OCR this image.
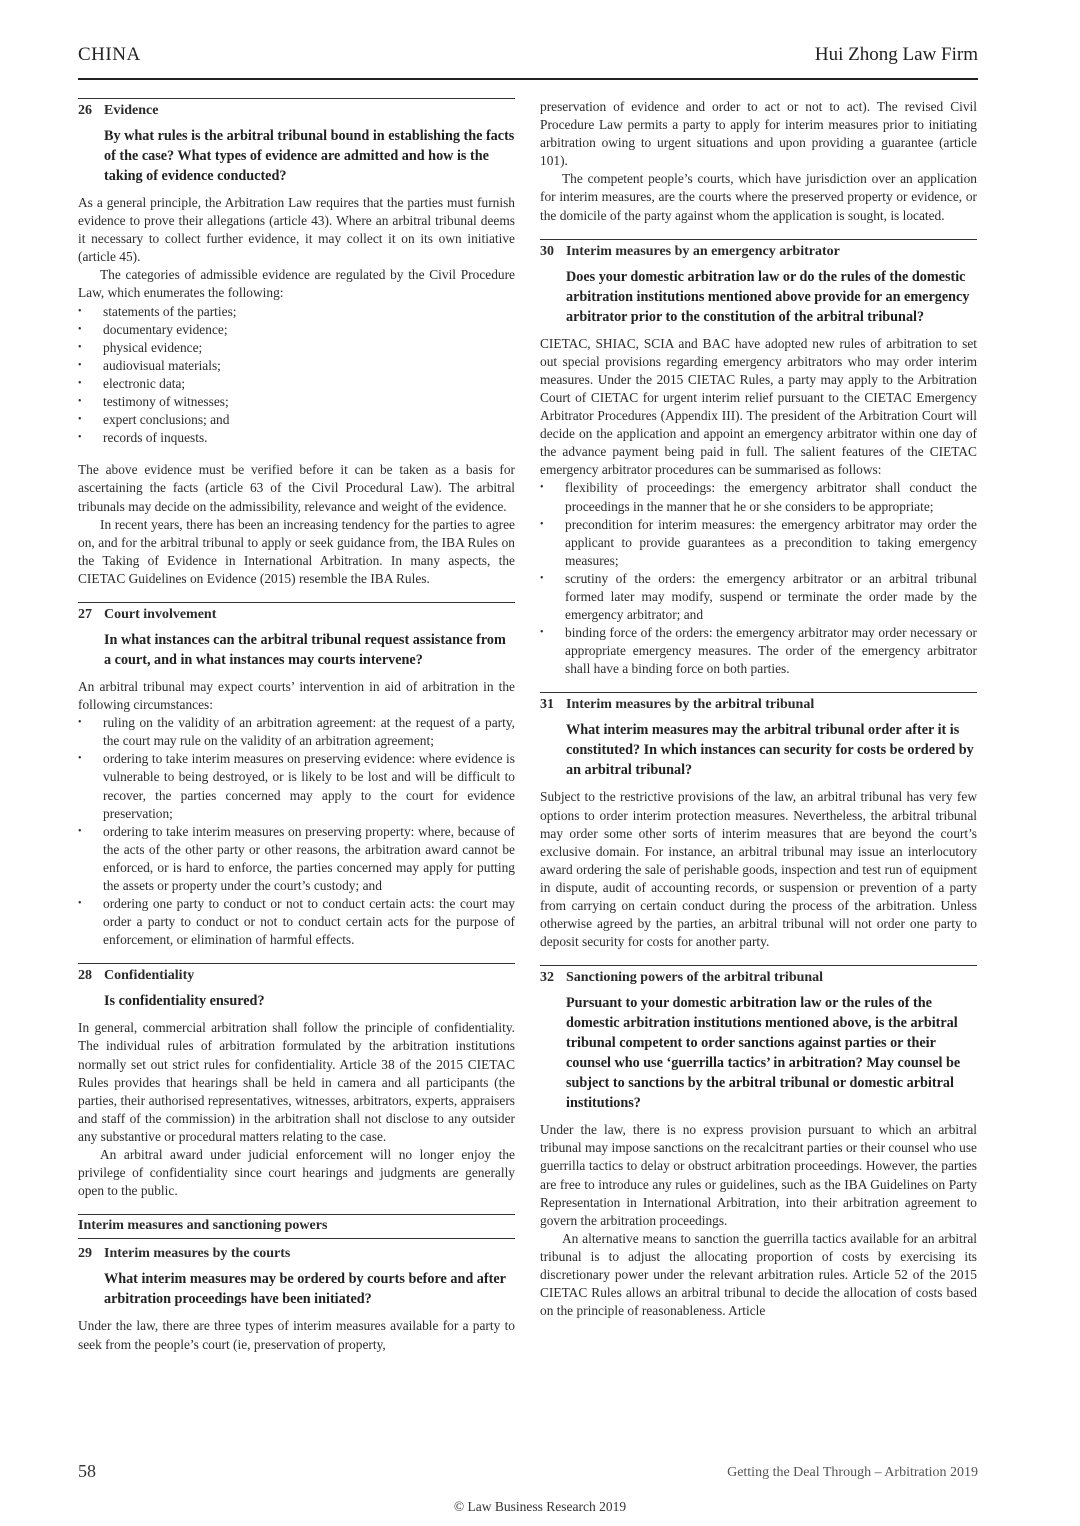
CHINA	Hui Zhong Law Firm
26 Evidence
By what rules is the arbitral tribunal bound in establishing the facts of the case? What types of evidence are admitted and how is the taking of evidence conducted?

As a general principle, the Arbitration Law requires that the parties must furnish evidence to prove their allegations (article 43). Where an arbitral tribunal deems it necessary to collect further evidence, it may collect it on its own initiative (article 45).

The categories of admissible evidence are regulated by the Civil Procedure Law, which enumerates the following:

• statements of the parties;
• documentary evidence;
• physical evidence;
• audiovisual materials;
• electronic data;
• testimony of witnesses;
• expert conclusions; and
• records of inquests.

The above evidence must be verified before it can be taken as a basis for ascertaining the facts (article 63 of the Civil Procedural Law). The arbitral tribunals may decide on the admissibility, relevance and weight of the evidence.

In recent years, there has been an increasing tendency for the parties to agree on, and for the arbitral tribunal to apply or seek guidance from, the IBA Rules on the Taking of Evidence in International Arbitration. In many aspects, the CIETAC Guidelines on Evidence (2015) resemble the IBA Rules.

27 Court involvement
In what instances can the arbitral tribunal request assistance from a court, and in what instances may courts intervene?

An arbitral tribunal may expect courts’ intervention in aid of arbitration in the following circumstances:

• ruling on the validity of an arbitration agreement: at the request of a party, the court may rule on the validity of an arbitration agreement;
• ordering to take interim measures on preserving evidence: where evidence is vulnerable to being destroyed, or is likely to be lost and will be difficult to recover, the parties concerned may apply to the court for evidence preservation;
• ordering to take interim measures on preserving property: where, because of the acts of the other party or other reasons, the arbitration award cannot be enforced, or is hard to enforce, the parties concerned may apply for putting the assets or property under the court’s custody; and
• ordering one party to conduct or not to conduct certain acts: the court may order a party to conduct or not to conduct certain acts for the purpose of enforcement, or elimination of harmful effects.
28 Confidentiality
Is confidentiality ensured?

In general, commercial arbitration shall follow the principle of confidentiality. The individual rules of arbitration formulated by the arbitration institutions normally set out strict rules for confidentiality. Article 38 of the 2015 CIETAC Rules provides that hearings shall be held in camera and all participants (the parties, their authorised representatives, witnesses, arbitrators, experts, appraisers and staff of the commission) in the arbitration shall not disclose to any outsider any substantive or procedural matters relating to the case.

An arbitral award under judicial enforcement will no longer enjoy the privilege of confidentiality since court hearings and judgments are generally open to the public.

Interim measures and sanctioning powers
29 Interim measures by the courts
What interim measures may be ordered by courts before and after arbitration proceedings have been initiated?

Under the law, there are three types of interim measures available for a party to seek from the people’s court (ie, preservation of property,

preservation of evidence and order to act or not to act). The revised Civil Procedure Law permits a party to apply for interim measures prior to initiating arbitration owing to urgent situations and upon providing a guarantee (article 101).

The competent people’s courts, which have jurisdiction over an application for interim measures, are the courts where the preserved property or evidence, or the domicile of the party against whom the application is sought, is located.

30 Interim measures by an emergency arbitrator
Does your domestic arbitration law or do the rules of the domestic arbitration institutions mentioned above provide for an emergency arbitrator prior to the constitution of the arbitral tribunal?

CIETAC, SHIAC, SCIA and BAC have adopted new rules of arbitration to set out special provisions regarding emergency arbitrators who may order interim measures. Under the 2015 CIETAC Rules, a party may apply to the Arbitration Court of CIETAC for urgent interim relief pursuant to the CIETAC Emergency Arbitrator Procedures (Appendix III). The president of the Arbitration Court will decide on the application and appoint an emergency arbitrator within one day of the advance payment being paid in full. The salient features of the CIETAC emergency arbitrator procedures can be summarised as follows:

• flexibility of proceedings: the emergency arbitrator shall conduct the proceedings in the manner that he or she considers to be appropriate;
• precondition for interim measures: the emergency arbitrator may order the applicant to provide guarantees as a precondition to taking emergency measures;
• scrutiny of the orders: the emergency arbitrator or an arbitral tribunal formed later may modify, suspend or terminate the order made by the emergency arbitrator; and
• binding force of the orders: the emergency arbitrator may order necessary or appropriate emergency measures. The order of the emergency arbitrator shall have a binding force on both parties.
31 Interim measures by the arbitral tribunal
What interim measures may the arbitral tribunal order after it is constituted? In which instances can security for costs be ordered by an arbitral tribunal?

Subject to the restrictive provisions of the law, an arbitral tribunal has very few options to order interim protection measures. Nevertheless, the arbitral tribunal may order some other sorts of interim measures that are beyond the court’s exclusive domain. For instance, an arbitral tribunal may issue an interlocutory award ordering the sale of perishable goods, inspection and test run of equipment in dispute, audit of accounting records, or suspension or prevention of a party from carrying on certain conduct during the process of the arbitration. Unless otherwise agreed by the parties, an arbitral tribunal will not order one party to deposit security for costs for another party.

32 Sanctioning powers of the arbitral tribunal
Pursuant to your domestic arbitration law or the rules of the domestic arbitration institutions mentioned above, is the arbitral tribunal competent to order sanctions against parties or their counsel who use ‘guerrilla tactics’ in arbitration? May counsel be subject to sanctions by the arbitral tribunal or domestic arbitral institutions?

Under the law, there is no express provision pursuant to which an arbitral tribunal may impose sanctions on the recalcitrant parties or their counsel who use guerrilla tactics to delay or obstruct arbitration proceedings. However, the parties are free to introduce any rules or guidelines, such as the IBA Guidelines on Party Representation in International Arbitration, into their arbitration agreement to govern the arbitration proceedings.

An alternative means to sanction the guerrilla tactics available for an arbitral tribunal is to adjust the allocating proportion of costs by exercising its discretionary power under the relevant arbitration rules. Article 52 of the 2015 CIETAC Rules allows an arbitral tribunal to decide the allocation of costs based on the principle of reasonableness. Article

58	Getting the Deal Through – Arbitration 2019
© Law Business Research 2019
